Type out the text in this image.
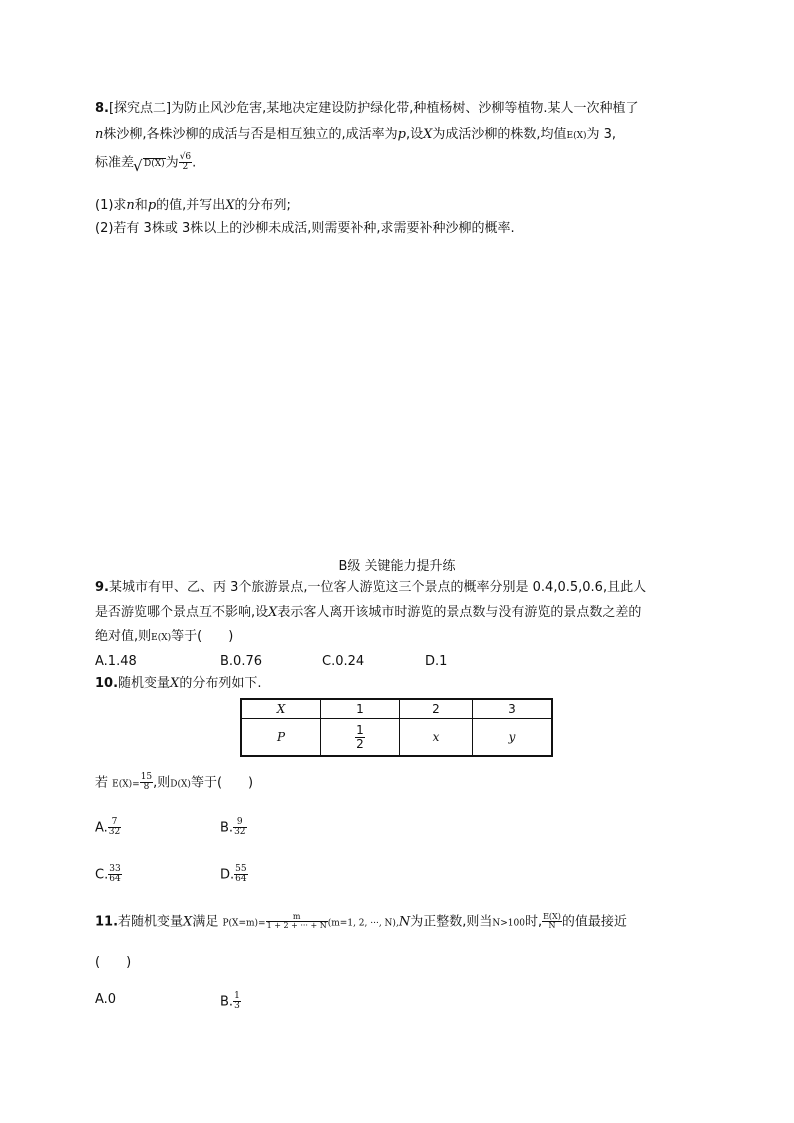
8.[探究点二]为防止风沙危害,某地决定建设防护绿化带,种植杨树、沙柳等植物.某人一次种植了
n株沙柳,各株沙柳的成活与否是相互独立的,成活率为p,设X为成活沙柳的株数,均值E(X)为 3,
标准差 √ D(X)为 $\frac{√6}{2}$ .
(1)求n和p的值,并写出X的分布列;
(2)若有 3株或 3株以上的沙柳未成活,则需要补种,求需要补种沙柳的概率.
B级 关键能力提升练
9.某城市有甲、乙、丙 3个旅游景点,一位客人游览这三个景点的概率分别是 0.4,0.5,0.6,且此人
是否游览哪个景点互不影响,设X表示客人离开该城市时游览的景点数与没有游览的景点数之差的
绝对值,则E(X)等于(　　)
A.1.48	B.0.76	C.0.24	D.1
10.随机变量X的分布列如下.
X	1	2	3
P	$\frac{1}{2}$	x	y
若 $E(X)= \frac{15}{8}$ ,则D(X)等于(　　)
A. $\frac{7}{32}$	B. $\frac{9}{32}$
C. $\frac{33}{64}$	D. $\frac{55}{64}$
11.若随机变量X满足 $P(X=m)= \frac{m}{1 + 2 + \cdot\cdot\cdot + N} (m=1$, 2, ···, N),N为正整数,则当N>100时, $\frac{E(X)}{N}$ 的值最接近
(　　)
A.0	B. $\frac{1}{3}$
